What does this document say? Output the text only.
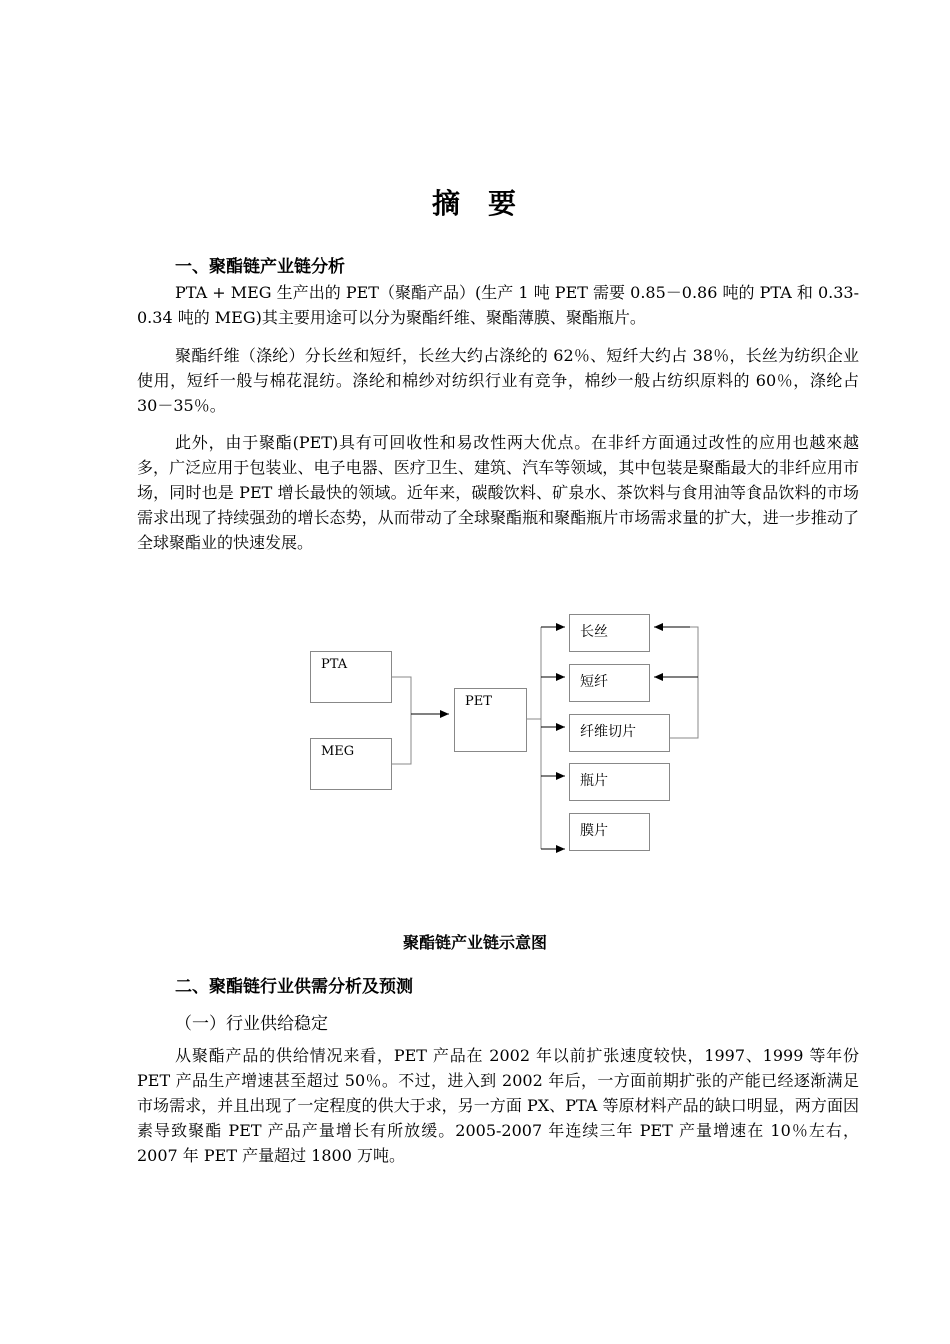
摘 要
一、聚酯链产业链分析

PTA + MEG 生产出的 PET（聚酯产品）(生产 1 吨 PET 需要 0.85－0.86 吨的 PTA 和 0.33-0.34 吨的 MEG)其主要用途可以分为聚酯纤维、聚酯薄膜、聚酯瓶片。

聚酯纤维（涤纶）分长丝和短纤，长丝大约占涤纶的 62％、短纤大约占 38％，长丝为纺织企业使用，短纤一般与棉花混纺。涤纶和棉纱对纺织行业有竞争，棉纱一般占纺织原料的 60％，涤纶占 30－35％。

此外，由于聚酯(PET)具有可回收性和易改性两大优点。在非纤方面通过改性的应用也越來越多，广泛应用于包装业、电子电器、医疗卫生、建筑、汽车等领域，其中包装是聚酯最大的非纤应用市场，同时也是 PET 增长最快的领域。近年来，碳酸饮料、矿泉水、茶饮料与食用油等食品饮料的市场需求出现了持续强劲的增长态势，从而带动了全球聚酯瓶和聚酯瓶片市场需求量的扩大，进一步推动了全球聚酯业的快速发展。

PTA
MEG
PET
长丝
短纤
纤维切片
瓶片
膜片
聚酯链产业链示意图
二、聚酯链行业供需分析及预测
（一）行业供给稳定

从聚酯产品的供给情况来看，PET 产品在 2002 年以前扩张速度较快，1997、1999 等年份 PET 产品生产增速甚至超过 50％。不过，进入到 2002 年后，一方面前期扩张的产能已经逐渐满足市场需求，并且出现了一定程度的供大于求，另一方面 PX、PTA 等原材料产品的缺口明显，两方面因素导致聚酯 PET 产品产量增长有所放缓。2005-2007 年连续三年 PET 产量增速在 10％左右，2007 年 PET 产量超过 1800 万吨。
